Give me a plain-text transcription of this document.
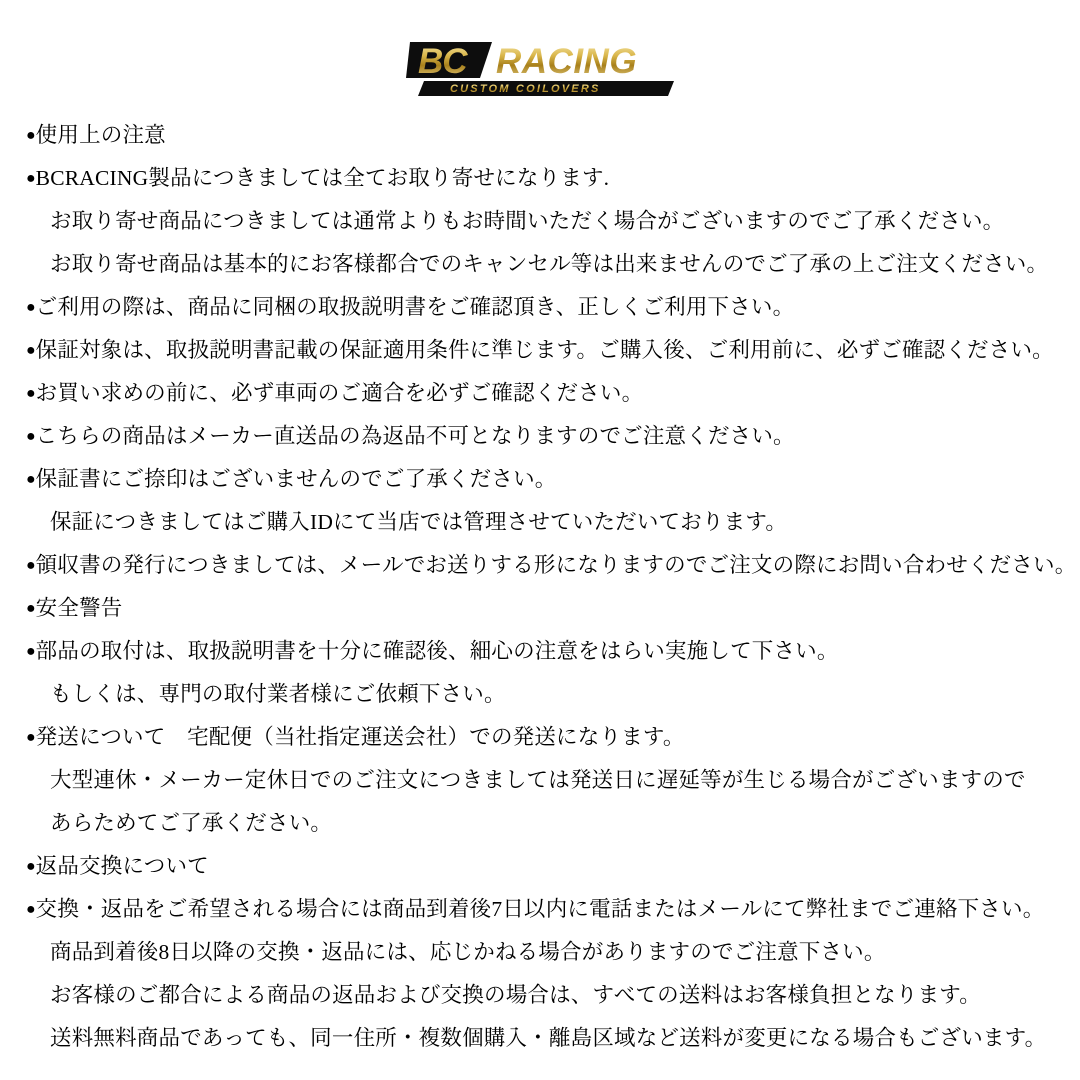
BC RACING
CUSTOM COILOVERS
● 使用上の注意
● BCRACING製品につきましては全てお取り寄せになります.
お取り寄せ商品につきましては通常よりもお時間いただく場合がございますのでご了承ください。
お取り寄せ商品は基本的にお客様都合でのキャンセル等は出来ませんのでご了承の上ご注文ください。
● ご利用の際は、商品に同梱の取扱説明書をご確認頂き、正しくご利用下さい。
● 保証対象は、取扱説明書記載の保証適用条件に準じます。ご購入後、ご利用前に、必ずご確認ください。
● お買い求めの前に、必ず車両のご適合を必ずご確認ください。
● こちらの商品はメーカー直送品の為返品不可となりますのでご注意ください。
● 保証書にご捺印はございませんのでご了承ください。
保証につきましてはご購入IDにて当店では管理させていただいております。
● 領収書の発行につきましては、メールでお送りする形になりますのでご注文の際にお問い合わせください。
● 安全警告
● 部品の取付は、取扱説明書を十分に確認後、細心の注意をはらい実施して下さい。
もしくは、専門の取付業者様にご依頼下さい。
● 発送について　宅配便（当社指定運送会社）での発送になります。
大型連休・メーカー定休日でのご注文につきましては発送日に遅延等が生じる場合がございますので
あらためてご了承ください。
● 返品交換について
● 交換・返品をご希望される場合には商品到着後7日以内に電話またはメールにて弊社までご連絡下さい。
商品到着後8日以降の交換・返品には、応じかねる場合がありますのでご注意下さい。
お客様のご都合による商品の返品および交換の場合は、すべての送料はお客様負担となります。
送料無料商品であっても、同一住所・複数個購入・離島区域など送料が変更になる場合もございます。
